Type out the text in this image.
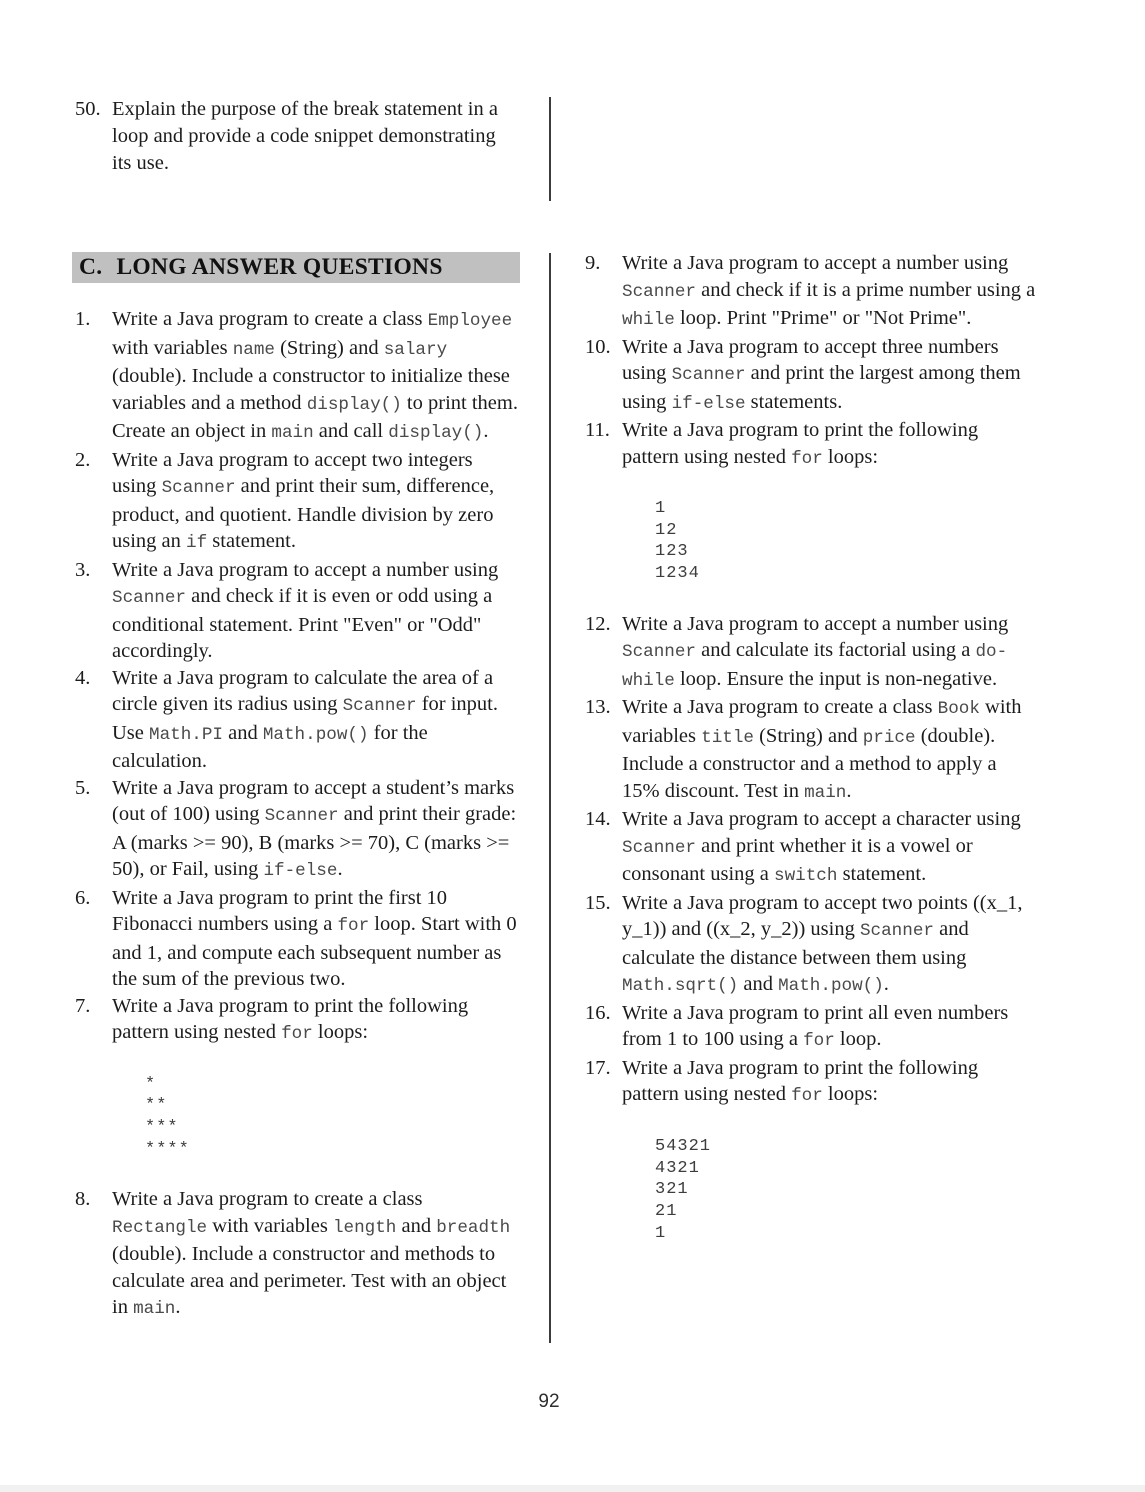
50. Explain the purpose of the break statement in a loop and provide a code snippet demonstrating its use.
C. LONG ANSWER QUESTIONS
1.	Write a Java program to create a class Employee with variables name (String) and salary (double). Include a constructor to initialize these variables and a method display() to print them. Create an object in main and call display().
2.	Write a Java program to accept two integers using Scanner and print their sum, difference, product, and quotient. Handle division by zero using an if statement.
3.	Write a Java program to accept a number using Scanner and check if it is even or odd using a conditional statement. Print "Even" or "Odd" accordingly.
4.	Write a Java program to calculate the area of a circle given its radius using Scanner for input. Use Math.PI and Math.pow() for the calculation.
5.	Write a Java program to accept a student’s marks (out of 100) using Scanner and print their grade: A (marks >= 90), B (marks >= 70), C (marks >= 50), or Fail, using if-else.
6.	Write a Java program to print the first 10 Fibonacci numbers using a for loop. Start with 0 and 1, and compute each subsequent number as the sum of the previous two.
7.	Write a Java program to print the following pattern using nested for loops:
*
**
***
****
8.	Write a Java program to create a class Rectangle with variables length and breadth (double). Include a constructor and methods to calculate area and perimeter. Test with an object in main.
9.	Write a Java program to accept a number using Scanner and check if it is a prime number using a while loop. Print "Prime" or "Not Prime".
10. Write a Java program to accept three numbers using Scanner and print the largest among them using if-else statements.
11. Write a Java program to print the following pattern using nested for loops:
1
12
123
1234
12. Write a Java program to accept a number using Scanner and calculate its factorial using a do-while loop. Ensure the input is non-negative.
13. Write a Java program to create a class Book with variables title (String) and price (double). Include a constructor and a method to apply a 15% discount. Test in main.
14. Write a Java program to accept a character using Scanner and print whether it is a vowel or consonant using a switch statement.
15. Write a Java program to accept two points ((x_1, y_1)) and ((x_2, y_2)) using Scanner and calculate the distance between them using Math.sqrt() and Math.pow().
16. Write a Java program to print all even numbers from 1 to 100 using a for loop.
17. Write a Java program to print the following pattern using nested for loops:
54321
4321
321
21
1
92
